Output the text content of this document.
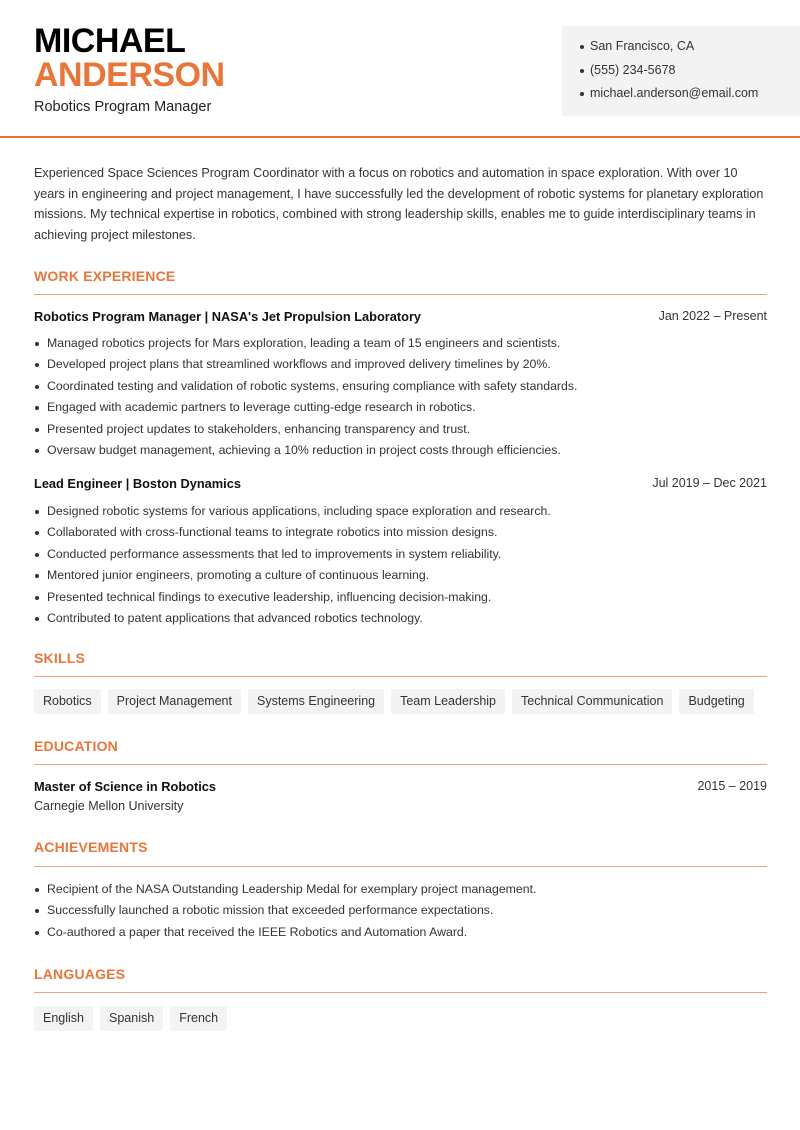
MICHAEL
ANDERSON
Robotics Program Manager
San Francisco, CA
(555) 234-5678
michael.anderson@email.com

Experienced Space Sciences Program Coordinator with a focus on robotics and automation in space exploration. With over 10 years in engineering and project management, I have successfully led the development of robotic systems for planetary exploration missions. My technical expertise in robotics, combined with strong leadership skills, enables me to guide interdisciplinary teams in achieving project milestones.

WORK EXPERIENCE
Robotics Program Manager | NASA's Jet Propulsion Laboratory	Jan 2022 – Present
Managed robotics projects for Mars exploration, leading a team of 15 engineers and scientists.
Developed project plans that streamlined workflows and improved delivery timelines by 20%.
Coordinated testing and validation of robotic systems, ensuring compliance with safety standards.
Engaged with academic partners to leverage cutting-edge research in robotics.
Presented project updates to stakeholders, enhancing transparency and trust.
Oversaw budget management, achieving a 10% reduction in project costs through efficiencies.
Lead Engineer | Boston Dynamics	Jul 2019 – Dec 2021
Designed robotic systems for various applications, including space exploration and research.
Collaborated with cross-functional teams to integrate robotics into mission designs.
Conducted performance assessments that led to improvements in system reliability.
Mentored junior engineers, promoting a culture of continuous learning.
Presented technical findings to executive leadership, influencing decision-making.
Contributed to patent applications that advanced robotics technology.
SKILLS
Robotics	Project Management	Systems Engineering	Team Leadership	Technical Communication	Budgeting
EDUCATION
Master of Science in Robotics	2015 – 2019
Carnegie Mellon University
ACHIEVEMENTS
Recipient of the NASA Outstanding Leadership Medal for exemplary project management.
Successfully launched a robotic mission that exceeded performance expectations.
Co-authored a paper that received the IEEE Robotics and Automation Award.
LANGUAGES
English	Spanish	French
